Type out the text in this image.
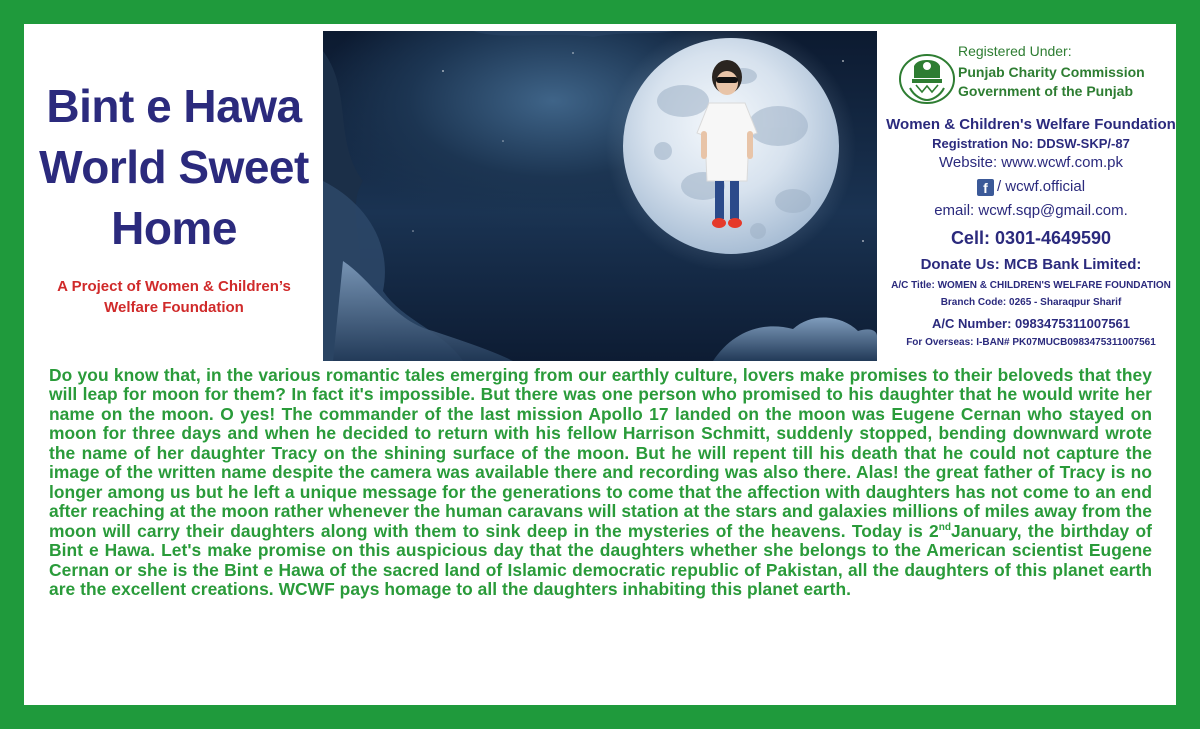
Bint e Hawa
World Sweet
Home
A Project of Women & Children’s
Welfare Foundation
Registered Under:
Punjab Charity Commission
Government of the Punjab
Women & Children's Welfare Foundation
Registration No: DDSW-SKP/-87
Website: www.wcwf.com.pk
f / wcwf.official
email: wcwf.sqp@gmail.com.
Cell: 0301-4649590
Donate Us: MCB Bank Limited:
A/C Title: WOMEN & CHILDREN'S WELFARE FOUNDATION
Branch Code: 0265 - Sharaqpur Sharif
A/C Number: 0983475311007561
For Overseas: I-BAN# PK07MUCB0983475311007561
Do you know that, in the various romantic tales emerging from our earthly culture, lovers make promises to their beloveds that they will leap for moon for them? In fact it's impossible. But there was one person who promised to his daughter that he would write her name on the moon. O yes! The commander of the last mission Apollo 17 landed on the moon was Eugene Cernan who stayed on moon for three days and when he decided to return with his fellow Harrison Schmitt, suddenly stopped, bending downward wrote the name of her daughter Tracy on the shining surface of the moon. But he will repent till his death that he could not capture the image of the written name despite the camera was available there and recording was also there. Alas! the great father of Tracy is no longer among us but he left a unique message for the generations to come that the affection with daughters has not come to an end after reaching at the moon rather whenever the human caravans will station at the stars and galaxies millions of miles away from the moon will carry their daughters along with them to sink deep in the mysteries of the heavens. Today is 2ndJanuary, the birthday of Bint e Hawa. Let's make promise on this auspicious day that the daughters whether she belongs to the American scientist Eugene Cernan or she is the Bint e Hawa of the sacred land of Islamic democratic republic of Pakistan, all the daughters of this planet earth are the excellent creations. WCWF pays homage to all the daughters inhabiting this planet earth.
